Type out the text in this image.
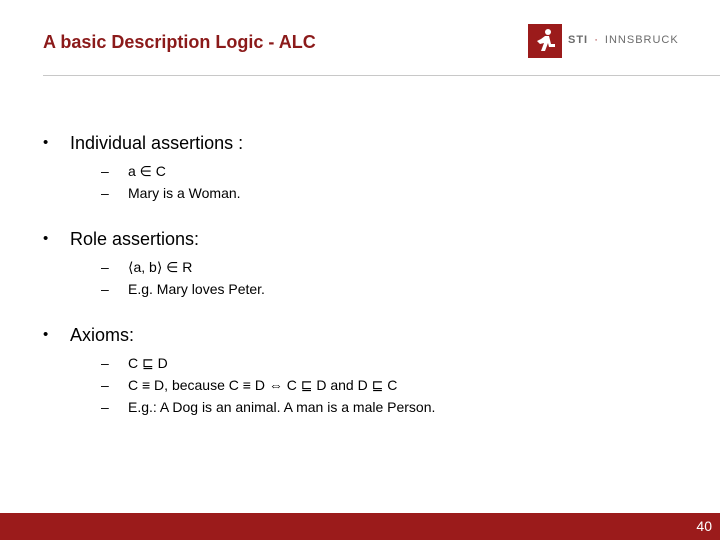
A basic Description Logic - ALC	STI · INNSBRUCK
• Individual assertions :
– a ∈ C
– Mary is a Woman.
• Role assertions:
– ⟨a, b⟩ ∈ R
– E.g. Mary loves Peter.
• Axioms:
– C ⊑ D
– C ≡ D, because C ≡ D ⇔ C ⊑ D and D ⊑ C
– E.g.: A Dog is an animal. A man is a male Person.
40
